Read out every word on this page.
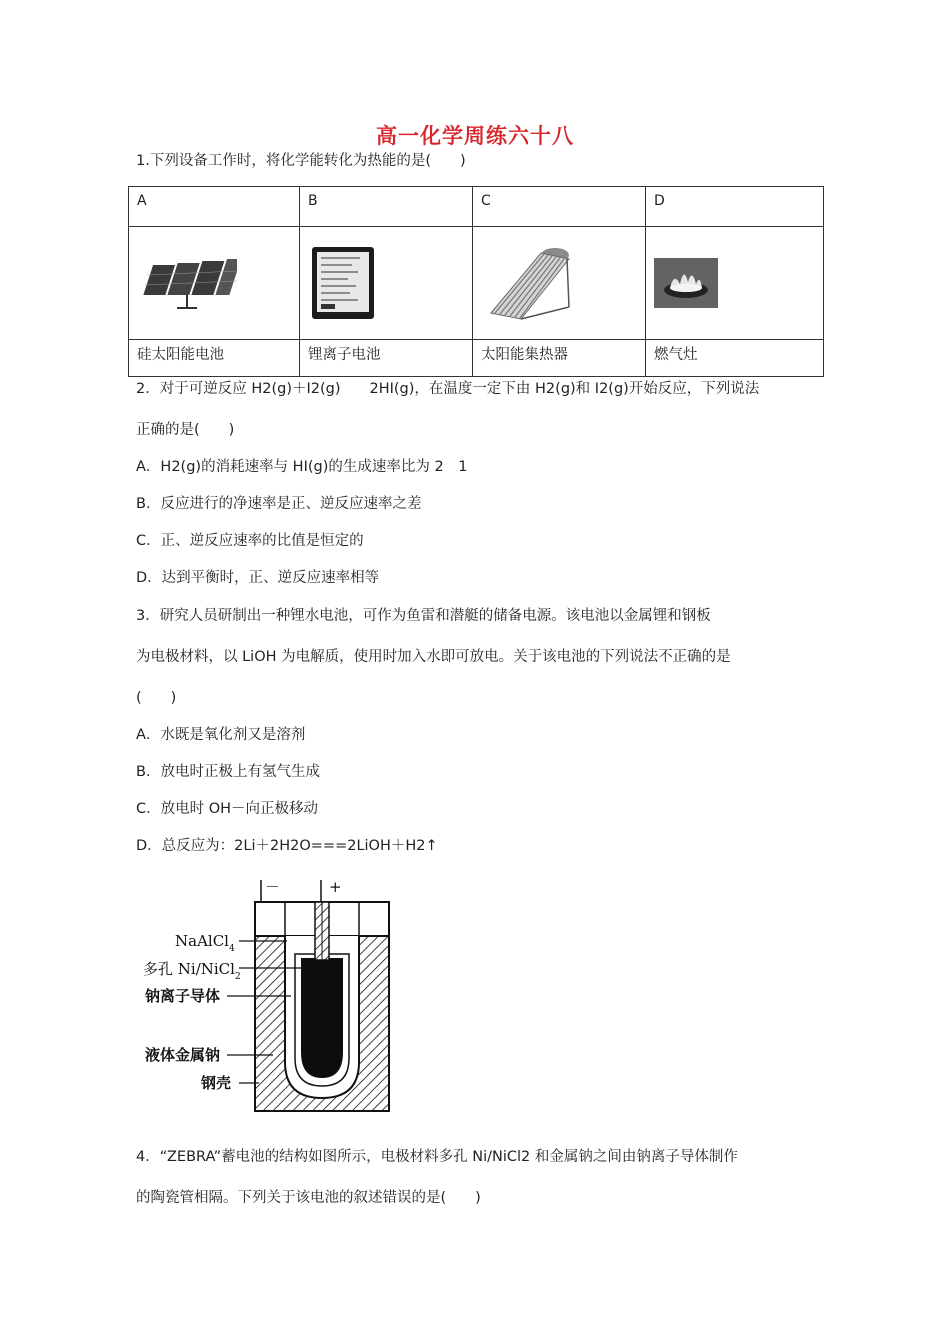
高一化学周练六十八
1.下列设备工作时，将化学能转化为热能的是(　　)
A	B	C	D

硅太阳能电池	锂离子电池	太阳能集热器	燃气灶
2．对于可逆反应 H2(g)＋I2(g)　　2HI(g)，在温度一定下由 H2(g)和 I2(g)开始反应，下列说法
正确的是(　　)
A．H2(g)的消耗速率与 HI(g)的生成速率比为 2　1
B．反应进行的净速率是正、逆反应速率之差
C．正、逆反应速率的比值是恒定的
D．达到平衡时，正、逆反应速率相等
3．研究人员研制出一种锂水电池，可作为鱼雷和潜艇的储备电源。该电池以金属锂和钢板
为电极材料，以 LiOH 为电解质，使用时加入水即可放电。关于该电池的下列说法不正确的是
(　　)
A．水既是氧化剂又是溶剂
B．放电时正极上有氢气生成
C．放电时 OH－向正极移动
D．总反应为：2Li＋2H2O===2LiOH＋H2↑
－	+
NaAlCl$_4$
多孔 Ni/NiCl$_2$
钠离子导体
液体金属钠
钢壳
4．“ZEBRA”蓄电池的结构如图所示，电极材料多孔 Ni/NiCl2 和金属钠之间由钠离子导体制作
的陶瓷管相隔。下列关于该电池的叙述错误的是(　　)
